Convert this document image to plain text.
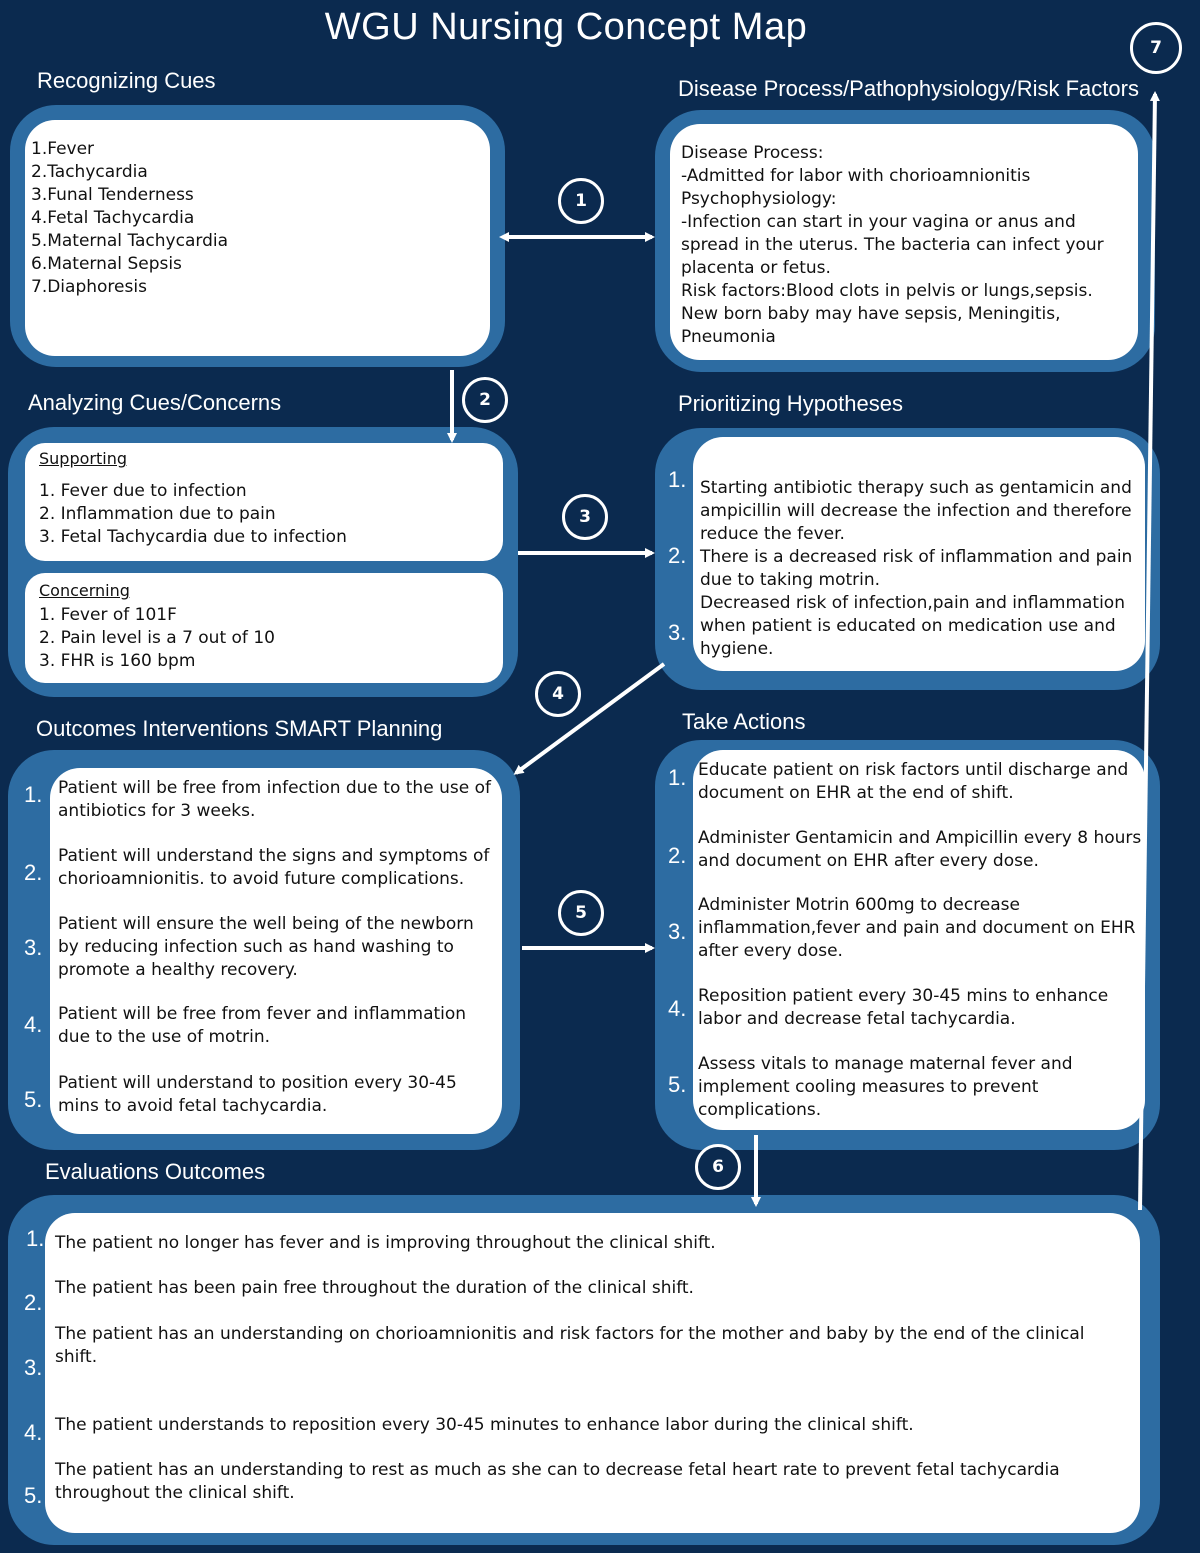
WGU Nursing Concept Map
Recognizing Cues	Disease Process/Pathophysiology/Risk Factors
Analyzing Cues/Concerns	Prioritizing Hypotheses
Outcomes Interventions SMART Planning	Take Actions
Evaluations Outcomes
1.Fever
2.Tachycardia
3.Funal Tenderness
4.Fetal Tachycardia
5.Maternal Tachycardia
6.Maternal Sepsis
7.Diaphoresis
Disease Process:
-Admitted for labor with chorioamnionitis
Psychophysiology:
-Infection can start in your vagina or anus and spread in the uterus. The bacteria can infect your placenta or fetus.
Risk factors:Blood clots in pelvis or lungs,sepsis. New born baby may have sepsis, Meningitis, Pneumonia
Supporting
1. Fever due to infection
2. Inflammation due to pain
3. Fetal Tachycardia due to infection
Concerning
1. Fever of 101F
2. Pain level is a 7 out of 10
3. FHR is 160 bpm
1.
2.
3.
Starting antibiotic therapy such as gentamicin and ampicillin will decrease the infection and therefore reduce the fever.
There is a decreased risk of inflammation and pain due to taking motrin.
Decreased risk of infection,pain and inflammation when patient is educated on medication use and hygiene.
1.
2.
3.
4.
5.
Patient will be free from infection due to the use of antibiotics for 3 weeks.
Patient will understand the signs and symptoms of chorioamnionitis. to avoid future complications.
Patient will ensure the well being of the newborn by reducing infection such as hand washing to promote a healthy recovery.
Patient will be free from fever and inflammation due to the use of motrin.
Patient will understand to position every 30-45 mins to avoid fetal tachycardia.
1.
2.
3.
4.
5.
Educate patient on risk factors until discharge and document on EHR at the end of shift.
Administer Gentamicin and Ampicillin every 8 hours and document on EHR after every dose.
Administer Motrin 600mg to decrease inflammation,fever and pain and document on EHR after every dose.
Reposition patient every 30-45 mins to enhance labor and decrease fetal tachycardia.
Assess vitals to manage maternal fever and implement cooling measures to prevent complications.
1.
2.
3.
4.
5.
The patient no longer has fever and is improving throughout the clinical shift.
The patient has been pain free throughout the duration of the clinical shift.
The patient has an understanding on chorioamnionitis and risk factors for the mother and baby by the end of the clinical shift.
The patient understands to reposition every 30-45 minutes to enhance labor during the clinical shift.
The patient has an understanding to rest as much as she can to decrease fetal heart rate to prevent fetal tachycardia throughout the clinical shift.
1
2
3
4
5
6
7
